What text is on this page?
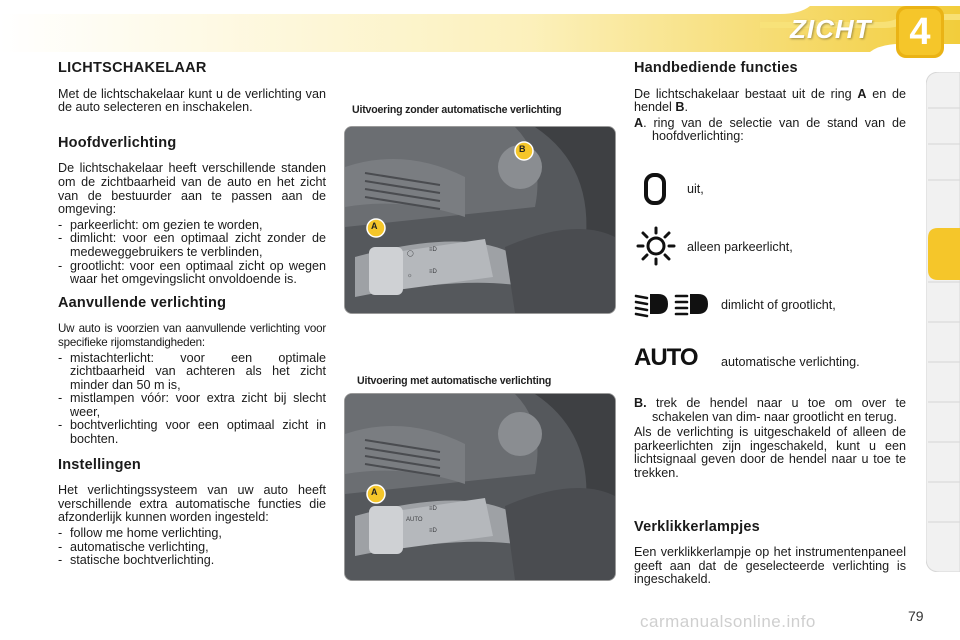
ZICHT 4
LICHTSCHAKELAAR

Met de lichtschakelaar kunt u de verlichting van de auto selecteren en inschakelen.

Hoofdverlichting

De lichtschakelaar heeft verschillende standen om de zichtbaarheid van de auto en het zicht van de bestuurder aan te passen aan de omgeving:

- parkeerlicht: om gezien te worden,
- dimlicht: voor een optimaal zicht zonder de medeweggebruikers te verblinden,
- grootlicht: voor een optimaal zicht op wegen waar het omgevingslicht onvoldoende is.
Aanvullende verlichting

Uw auto is voorzien van aanvullende verlichting voor specifieke rijomstandigheden:

- mistachterlicht: voor een optimale zichtbaarheid van achteren als het zicht minder dan 50 m is,
- mistlampen vóór: voor extra zicht bij slecht weer,
- bochtverlichting voor een optimaal zicht in bochten.
Instellingen

Het verlichtingssysteem van uw auto heeft verschillende extra automatische functies die afzonderlijk kunnen worden ingesteld:

- follow me home verlichting,
- automatische verlichting,
- statische bochtverlichting.
Uitvoering zonder automatische verlichting
Uitvoering met automatische verlichting
◯
≡D
☼
≡D
A
B
≡D
≡D
AUTO
A
Handbediende functies

De lichtschakelaar bestaat uit de ring A en de hendel B.

A. ring van de selectie van de stand van de hoofdverlichting:

uit,
alleen parkeerlicht,
dimlicht of grootlicht,
AUTO automatische verlichting.

B. trek de hendel naar u toe om over te schakelen van dim- naar grootlicht en terug.

Als de verlichting is uitgeschakeld of alleen de parkeerlichten zijn ingeschakeld, kunt u een lichtsignaal geven door de hendel naar u toe te trekken.

Verklikkerlampjes

Een verklikkerlampje op het instrumentenpaneel geeft aan dat de geselecteerde verlichting is ingeschakeld.

carmanualsonline.info	79
